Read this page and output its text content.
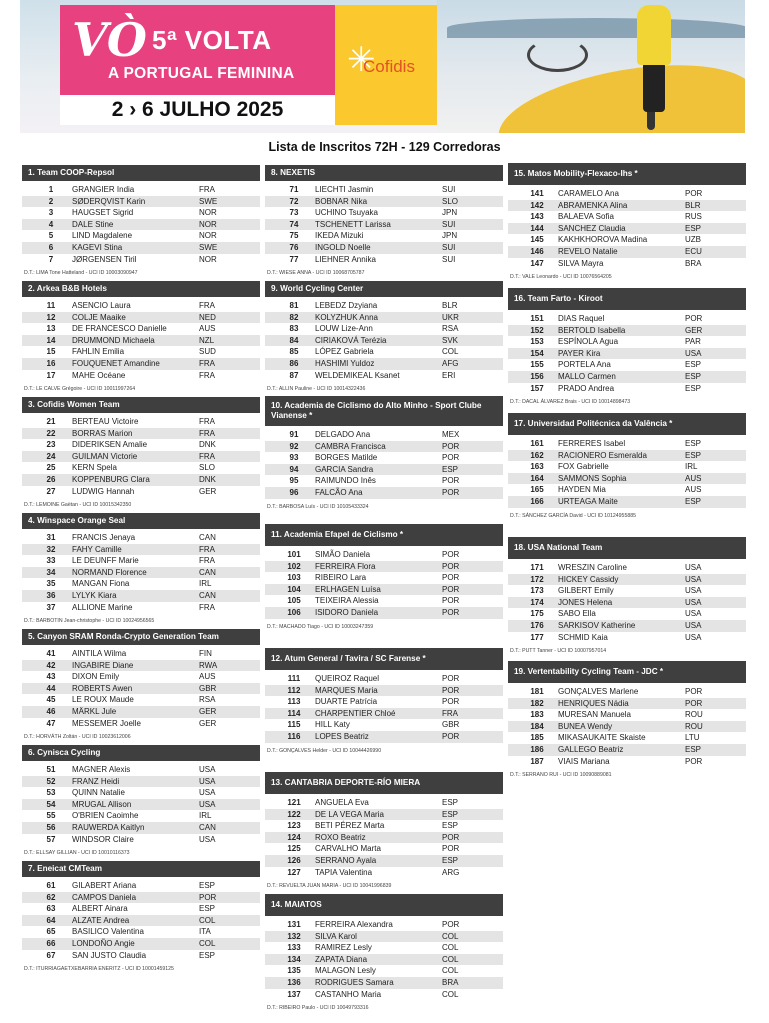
VÒ 5ª VOLTA
A PORTUGAL FEMININA
2 › 6 JULHO 2025
✳
Cofidis
Lista de Inscritos 72H - 129 Corredoras
1. Team COOP-Repsol
1	GRANGIER India	FRA
2	SØDERQVIST Karin	SWE
3	HAUGSET Sigrid	NOR
4	DALE Stine	NOR
5	LIND Magdalene	NOR
6	KAGEVI Stina	SWE
7	JØRGENSEN Tiril	NOR
D.T.: LIMA Tone Hatteland - UCI ID 10003090947
2. Arkea B&B Hotels
11	ASENCIO Laura	FRA
12	COLJE Maaike	NED
13	DE FRANCESCO Danielle	AUS
14	DRUMMOND Michaela	NZL
15	FAHLIN Emilia	SUD
16	FOUQUENET Amandine	FRA
17	MAHE Océane	FRA
D.T.: LE CALVE Grégoire - UCI ID 10011997264
3. Cofidis Women Team
21	BERTEAU Victoire	FRA
22	BORRAS Marion	FRA
23	DIDERIKSEN Amalie	DNK
24	GUILMAN Victorie	FRA
25	KERN Spela	SLO
26	KOPPENBURG Clara	DNK
27	LUDWIG Hannah	GER
D.T.: LEMOINE Gaëtan - UCI ID 10015342350
4. Winspace Orange Seal
31	FRANCIS Jenaya	CAN
32	FAHY Camille	FRA
33	LE DEUNFF Marie	FRA
34	NORMAND Florence	CAN
35	MANGAN Fiona	IRL
36	LYLYK Kiara	CAN
37	ALLIONE Marine	FRA
D.T.: BARBOTIN Jean-christophe - UCI ID 10024956565
5. Canyon SRAM Ronda-Crypto Generation Team
41	AINTILA Wilma	FIN
42	INGABIRE Diane	RWA
43	DIXON Emily	AUS
44	ROBERTS Awen	GBR
45	LE ROUX Maude	RSA
46	MÄRKL Jule	GER
47	MESSEMER Joelle	GER
D.T.: HORVÁTH Zoltán - UCI ID 10023612006
6. Cynisca Cycling
51	MAGNER Alexis	USA
52	FRANZ Heidi	USA
53	QUINN Natalie	USA
54	MRUGAL Allison	USA
55	O'BRIEN Caoimhe	IRL
56	RAUWERDA Kaitlyn	CAN
57	WINDSOR Claire	USA
D.T.: ELLSAY GILLIAN - UCI ID 10010116373
7. Eneicat CMTeam
61	GILABERT Ariana	ESP
62	CAMPOS Daniela	POR
63	ALBERT Ainara	ESP
64	ALZATE Andrea	COL
65	BASILICO Valentina	ITA
66	LONDOÑO Angie	COL
67	SAN JUSTO Claudia	ESP
D.T.: ITURRIAGAETXEBARRIA ENERITZ - UCI ID 10001459125
8. NEXETIS
71	LIECHTI Jasmin	SUI
72	BOBNAR Nika	SLO
73	UCHINO Tsuyaka	JPN
74	TSCHENETT Larissa	SUI
75	IKEDA Mizuki	JPN
76	INGOLD Noelle	SUI
77	LIEHNER Annika	SUI
D.T.: WIESE ANNA - UCI ID 10068705787
9. World Cycling Center
81	LEBEDZ Dzyiana	BLR
82	KOLYZHUK Anna	UKR
83	LOUW Lize-Ann	RSA
84	CIRIAKOVÁ Terézia	SVK
85	LÓPEZ Gabriela	COL
86	HASHIMI Yuldoz	AFG
87	WELDEMIKEAL Ksanet	ERI
D.T.: ALLIN Pauline - UCI ID 10014322436
10. Academia de Ciclismo do Alto Minho - Sport Clube Vianense *
91	DELGADO Ana	MEX
92	CAMBRA Francisca	POR
93	BORGES Matilde	POR
94	GARCIA Sandra	ESP
95	RAIMUNDO Inês	POR
96	FALCÃO Ana	POR
D.T.: BARBOSA Luís - UCI ID 10105433324
11. Academia Efapel de Ciclismo *
101	SIMÃO Daniela	POR
102	FERREIRA Flora	POR
103	RIBEIRO Lara	POR
104	ERLHAGEN Luísa	POR
105	TEIXEIRA Alessia	POR
106	ISIDORO Daniela	POR
D.T.: MACHADO Tiago - UCI ID 10003247359
12. Atum General / Tavira / SC Farense *
111	QUEIROZ Raquel	POR
112	MARQUES Maria	POR
113	DUARTE Patrícia	POR
114	CHARPENTIER Chloé	FRA
115	HILL Katy	GBR
116	LOPES Beatriz	POR
D.T.: GONÇALVES Helder - UCI ID 10044426990
13. CANTABRIA DEPORTE-RÍO MIERA
121	ANGUELA Eva	ESP
122	DE LA VEGA Maria	ESP
123	BETI PÉREZ Marta	ESP
124	ROXO Beatriz	POR
125	CARVALHO Marta	POR
126	SERRANO Ayala	ESP
127	TAPIA Valentina	ARG
D.T.: REVUELTA JUAN MARIA - UCI ID 10041996839
14. MAIATOS
131	FERREIRA Alexandra	POR
132	SILVA Karol	COL
133	RAMIREZ Lesly	COL
134	ZAPATA Diana	COL
135	MALAGON Lesly	COL
136	RODRIGUES Samara	BRA
137	CASTANHO Maria	COL
D.T.: RIBEIRO Paulo - UCI ID 10049793316
15. Matos Mobility-Flexaco-Ihs *
141	CARAMELO Ana	POR
142	ABRAMENKA Alina	BLR
143	BALAEVA Sofia	RUS
144	SANCHEZ Claudia	ESP
145	KAKHKHOROVA Madina	UZB
146	REVELO Natalie	ECU
147	SILVA Mayra	BRA
D.T.: VALE Leonardo - UCI ID 10076564205
16. Team Farto - Kiroot
151	DIAS Raquel	POR
152	BERTOLD Isabella	GER
153	ESPÍNOLA Agua	PAR
154	PAYER Kira	USA
155	PORTELA Ana	ESP
156	MALLO Carmen	ESP
157	PRADO Andrea	ESP
D.T.: DACAL ÁLVAREZ Brais - UCI ID 10014898473
17. Universidad Politécnica da Valência *
161	FERRERES Isabel	ESP
162	RACIONERO Esmeralda	ESP
163	FOX Gabrielle	IRL
164	SAMMONS Sophia	AUS
165	HAYDEN Mia	AUS
166	URTEAGA Maite	ESP
D.T.: SÁNCHEZ GARCÍA David - UCI ID 10124955885
18. USA National Team
171	WRESZIN Caroline	USA
172	HICKEY Cassidy	USA
173	GILBERT Emily	USA
174	JONES Helena	USA
175	SABO Ella	USA
176	SARKISOV Katherine	USA
177	SCHMID Kaia	USA
D.T.: PUTT Tanner - UCI ID 10007957014
19. Vertentability Cycling Team - JDC *
181	GONÇALVES Marlene	POR
182	HENRIQUES Nádia	POR
183	MURESAN Manuela	ROU
184	BUNEA Wendy	ROU
185	MIKASAUKAITE Skaiste	LTU
186	GALLEGO Beatriz	ESP
187	VIAIS Mariana	POR
D.T.: SERRANO RUI - UCI ID 10090889081
